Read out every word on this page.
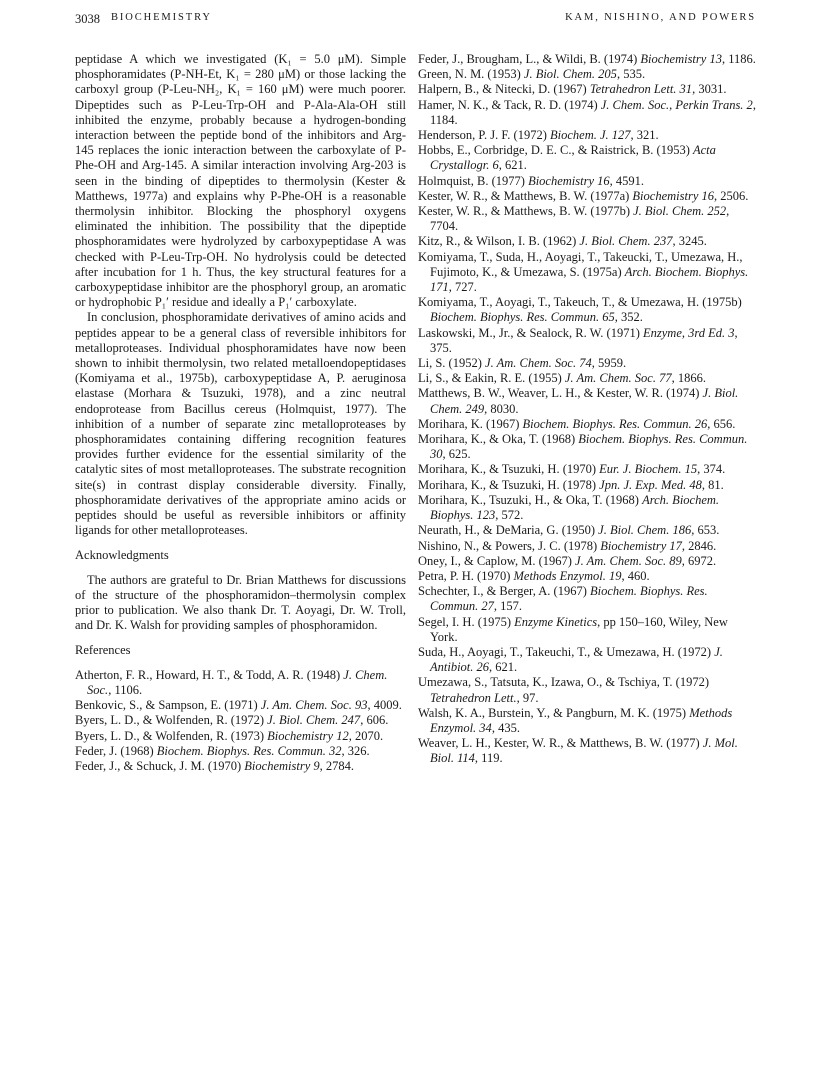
3038 BIOCHEMISTRY	KAM, NISHINO, AND POWERS

peptidase A which we investigated (K₁ = 5.0 μM). Simple phosphoramidates (P-NH-Et, K₁ = 280 μM) or those lacking the carboxyl group (P-Leu-NH₂, K₁ = 160 μM) were much poorer. Dipeptides such as P-Leu-Trp-OH and P-Ala-Ala-OH still inhibited the enzyme, probably because a hydrogen-bonding interaction between the peptide bond of the inhibitors and Arg-145 replaces the ionic interaction between the carboxylate of P-Phe-OH and Arg-145. A similar interaction involving Arg-203 is seen in the binding of dipeptides to thermolysin (Kester & Matthews, 1977a) and explains why P-Phe-OH is a reasonable thermolysin inhibitor. Blocking the phosphoryl oxygens eliminated the inhibition. The possibility that the dipeptide phosphoramidates were hydrolyzed by carboxypeptidase A was checked with P-Leu-Trp-OH. No hydrolysis could be detected after incubation for 1 h. Thus, the key structural features for a carboxypeptidase inhibitor are the phosphoryl group, an aromatic or hydrophobic P₁′ residue and ideally a P₁′ carboxylate.

In conclusion, phosphoramidate derivatives of amino acids and peptides appear to be a general class of reversible inhibitors for metalloproteases. Individual phosphoramidates have now been shown to inhibit thermolysin, two related metalloendopeptidases (Komiyama et al., 1975b), carboxypeptidase A, P. aeruginosa elastase (Morhara & Tsuzuki, 1978), and a zinc neutral endoprotease from Bacillus cereus (Holmquist, 1977). The inhibition of a number of separate zinc metalloproteases by phosphoramidates containing differing recognition features provides further evidence for the essential similarity of the catalytic sites of most metalloproteases. The substrate recognition site(s) in contrast display considerable diversity. Finally, phosphoramidate derivatives of the appropriate amino acids or peptides should be useful as reversible inhibitors or affinity ligands for other metalloproteases.

Acknowledgments

The authors are grateful to Dr. Brian Matthews for discussions of the structure of the phosphoramidon–thermolysin complex prior to publication. We also thank Dr. T. Aoyagi, Dr. W. Troll, and Dr. K. Walsh for providing samples of phosphoramidon.

References

Atherton, F. R., Howard, H. T., & Todd, A. R. (1948) J. Chem. Soc., 1106.

Benkovic, S., & Sampson, E. (1971) J. Am. Chem. Soc. 93, 4009.

Byers, L. D., & Wolfenden, R. (1972) J. Biol. Chem. 247, 606.

Byers, L. D., & Wolfenden, R. (1973) Biochemistry 12, 2070.

Feder, J. (1968) Biochem. Biophys. Res. Commun. 32, 326.

Feder, J., & Schuck, J. M. (1970) Biochemistry 9, 2784.

Feder, J., Brougham, L., & Wildi, B. (1974) Biochemistry 13, 1186.

Green, N. M. (1953) J. Biol. Chem. 205, 535.

Halpern, B., & Nitecki, D. (1967) Tetrahedron Lett. 31, 3031.

Hamer, N. K., & Tack, R. D. (1974) J. Chem. Soc., Perkin Trans. 2, 1184.

Henderson, P. J. F. (1972) Biochem. J. 127, 321.

Hobbs, E., Corbridge, D. E. C., & Raistrick, B. (1953) Acta Crystallogr. 6, 621.

Holmquist, B. (1977) Biochemistry 16, 4591.

Kester, W. R., & Matthews, B. W. (1977a) Biochemistry 16, 2506.

Kester, W. R., & Matthews, B. W. (1977b) J. Biol. Chem. 252, 7704.

Kitz, R., & Wilson, I. B. (1962) J. Biol. Chem. 237, 3245.

Komiyama, T., Suda, H., Aoyagi, T., Takeucki, T., Umezawa, H., Fujimoto, K., & Umezawa, S. (1975a) Arch. Biochem. Biophys. 171, 727.

Komiyama, T., Aoyagi, T., Takeuch, T., & Umezawa, H. (1975b) Biochem. Biophys. Res. Commun. 65, 352.

Laskowski, M., Jr., & Sealock, R. W. (1971) Enzyme, 3rd Ed. 3, 375.

Li, S. (1952) J. Am. Chem. Soc. 74, 5959.

Li, S., & Eakin, R. E. (1955) J. Am. Chem. Soc. 77, 1866.

Matthews, B. W., Weaver, L. H., & Kester, W. R. (1974) J. Biol. Chem. 249, 8030.

Morihara, K. (1967) Biochem. Biophys. Res. Commun. 26, 656.

Morihara, K., & Oka, T. (1968) Biochem. Biophys. Res. Commun. 30, 625.

Morihara, K., & Tsuzuki, H. (1970) Eur. J. Biochem. 15, 374.

Morihara, K., & Tsuzuki, H. (1978) Jpn. J. Exp. Med. 48, 81.

Morihara, K., Tsuzuki, H., & Oka, T. (1968) Arch. Biochem. Biophys. 123, 572.

Neurath, H., & DeMaria, G. (1950) J. Biol. Chem. 186, 653.

Nishino, N., & Powers, J. C. (1978) Biochemistry 17, 2846.

Oney, I., & Caplow, M. (1967) J. Am. Chem. Soc. 89, 6972.

Petra, P. H. (1970) Methods Enzymol. 19, 460.

Schechter, I., & Berger, A. (1967) Biochem. Biophys. Res. Commun. 27, 157.

Segel, I. H. (1975) Enzyme Kinetics, pp 150–160, Wiley, New York.

Suda, H., Aoyagi, T., Takeuchi, T., & Umezawa, H. (1972) J. Antibiot. 26, 621.

Umezawa, S., Tatsuta, K., Izawa, O., & Tschiya, T. (1972) Tetrahedron Lett., 97.

Walsh, K. A., Burstein, Y., & Pangburn, M. K. (1975) Methods Enzymol. 34, 435.

Weaver, L. H., Kester, W. R., & Matthews, B. W. (1977) J. Mol. Biol. 114, 119.
